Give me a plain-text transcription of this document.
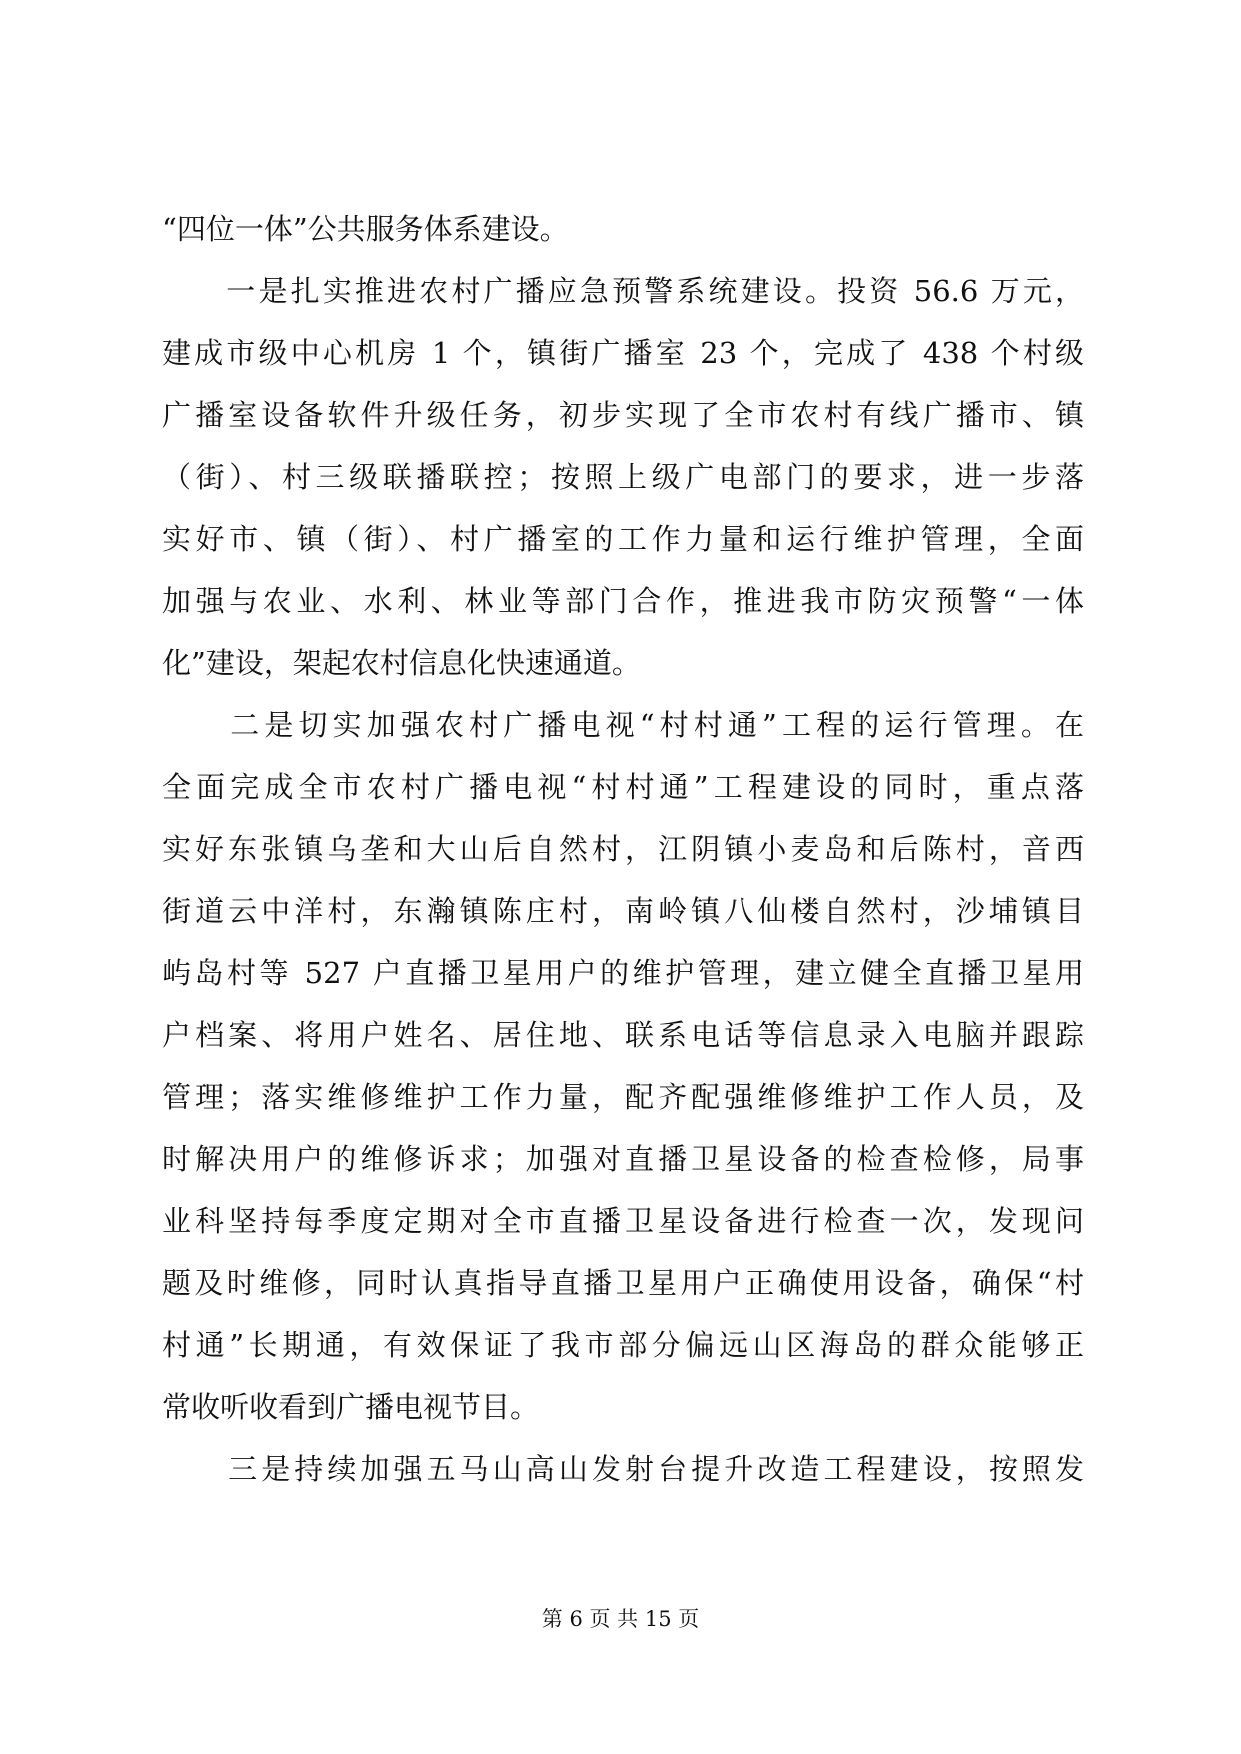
“四位一体”公共服务体系建设。
　　一是扎实推进农村广播应急预警系统建设。投资 56.6 万元，
建成市级中心机房 1 个，镇街广播室 23 个，完成了 438 个村级
广播室设备软件升级任务，初步实现了全市农村有线广播市、镇
（街）、村三级联播联控；按照上级广电部门的要求，进一步落
实好市、镇（街）、村广播室的工作力量和运行维护管理，全面
加强与农业、水利、林业等部门合作，推进我市防灾预警“一体
化”建设，架起农村信息化快速通道。
　　二是切实加强农村广播电视“村村通”工程的运行管理。在
全面完成全市农村广播电视“村村通”工程建设的同时，重点落
实好东张镇乌垄和大山后自然村，江阴镇小麦岛和后陈村，音西
街道云中洋村，东瀚镇陈庄村，南岭镇八仙楼自然村，沙埔镇目
屿岛村等 527 户直播卫星用户的维护管理，建立健全直播卫星用
户档案、将用户姓名、居住地、联系电话等信息录入电脑并跟踪
管理；落实维修维护工作力量，配齐配强维修维护工作人员，及
时解决用户的维修诉求；加强对直播卫星设备的检查检修，局事
业科坚持每季度定期对全市直播卫星设备进行检查一次，发现问
题及时维修，同时认真指导直播卫星用户正确使用设备，确保“村
村通”长期通，有效保证了我市部分偏远山区海岛的群众能够正
常收听收看到广播电视节目。
　　三是持续加强五马山高山发射台提升改造工程建设，按照发
第 6 页 共 15 页
